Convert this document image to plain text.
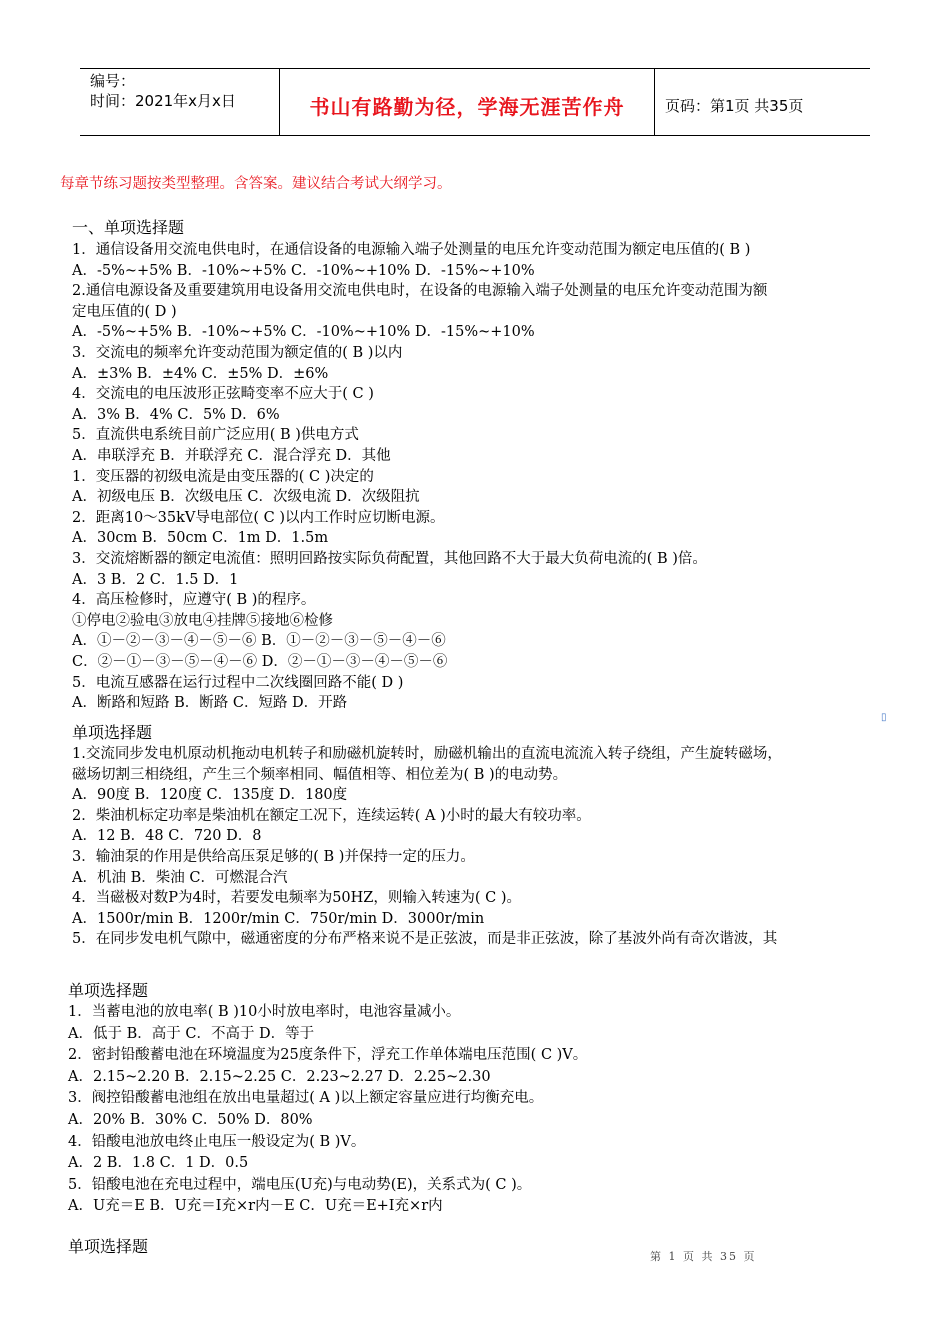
编号：
时间：2021年x月x日	书山有路勤为径，学海无涯苦作舟	页码：第1页 共35页
每章节练习题按类型整理。含答案。建议结合考试大纲学习。
一、单项选择题
1．通信设备用交流电供电时，在通信设备的电源输入端子处测量的电压允许变动范围为额定电压值的( B )
A．-5%~+5% B．-10%~+5% C．-10%~+10% D．-15%~+10%
2.通信电源设备及重要建筑用电设备用交流电供电时，在设备的电源输入端子处测量的电压允许变动范围为额
定电压值的( D )
A．-5%~+5% B．-10%~+5% C．-10%~+10% D．-15%~+10%
3．交流电的频率允许变动范围为额定值的( B )以内
A．±3% B．±4% C．±5% D．±6%
4．交流电的电压波形正弦畸变率不应大于( C )
A．3% B．4% C．5% D．6%
5．直流供电系统目前广泛应用( B )供电方式
A．串联浮充 B．并联浮充 C．混合浮充 D．其他
1．变压器的初级电流是由变压器的( C )决定的
A．初级电压 B．次级电压 C．次级电流 D．次级阻抗
2．距离10～35kV导电部位( C )以内工作时应切断电源。
A．30cm B．50cm C．1m D．1.5m
3．交流熔断器的额定电流值：照明回路按实际负荷配置，其他回路不大于最大负荷电流的( B )倍。
A．3 B．2 C．1.5 D．1
4．高压检修时，应遵守( B )的程序。
①停电②验电③放电④挂牌⑤接地⑥检修
A．①－②－③－④－⑤－⑥ B．①－②－③－⑤－④－⑥
C．②－①－③－⑤－④－⑥ D．②－①－③－④－⑤－⑥
5．电流互感器在运行过程中二次线圈回路不能( D )
A．断路和短路 B．断路 C．短路 D．开路
单项选择题
1.交流同步发电机原动机拖动电机转子和励磁机旋转时，励磁机输出的直流电流流入转子绕组，产生旋转磁场，
磁场切割三相绕组，产生三个频率相同、幅值相等、相位差为( B )的电动势。
A．90度 B．120度 C．135度 D．180度
2．柴油机标定功率是柴油机在额定工况下，连续运转( A )小时的最大有较功率。
A．12 B．48 C．720 D．8
3．输油泵的作用是供给高压泵足够的( B )并保持一定的压力。
A．机油 B．柴油 C．可燃混合汽
4．当磁极对数P为4时，若要发电频率为50HZ，则输入转速为( C )。
A．1500r/min B．1200r/min C．750r/min D．3000r/min
5．在同步发电机气隙中，磁通密度的分布严格来说不是正弦波，而是非正弦波，除了基波外尚有奇次谐波，其
单项选择题
1．当蓄电池的放电率( B )10小时放电率时，电池容量减小。
A．低于 B．高于 C．不高于 D．等于
2．密封铅酸蓄电池在环境温度为25度条件下，浮充工作单体端电压范围( C )V。
A．2.15~2.20 B．2.15~2.25 C．2.23~2.27 D．2.25~2.30
3．阀控铅酸蓄电池组在放出电量超过( A )以上额定容量应进行均衡充电。
A．20% B．30% C．50% D．80%
4．铅酸电池放电终止电压一般设定为( B )V。
A．2 B．1.8 C．1 D．0.5
5．铅酸电池在充电过程中，端电压(U充)与电动势(E)，关系式为( C )。
A．U充＝E B．U充＝I充×r内－E C．U充＝E+I充×r内
单项选择题
▯
第 1 页 共 35 页
